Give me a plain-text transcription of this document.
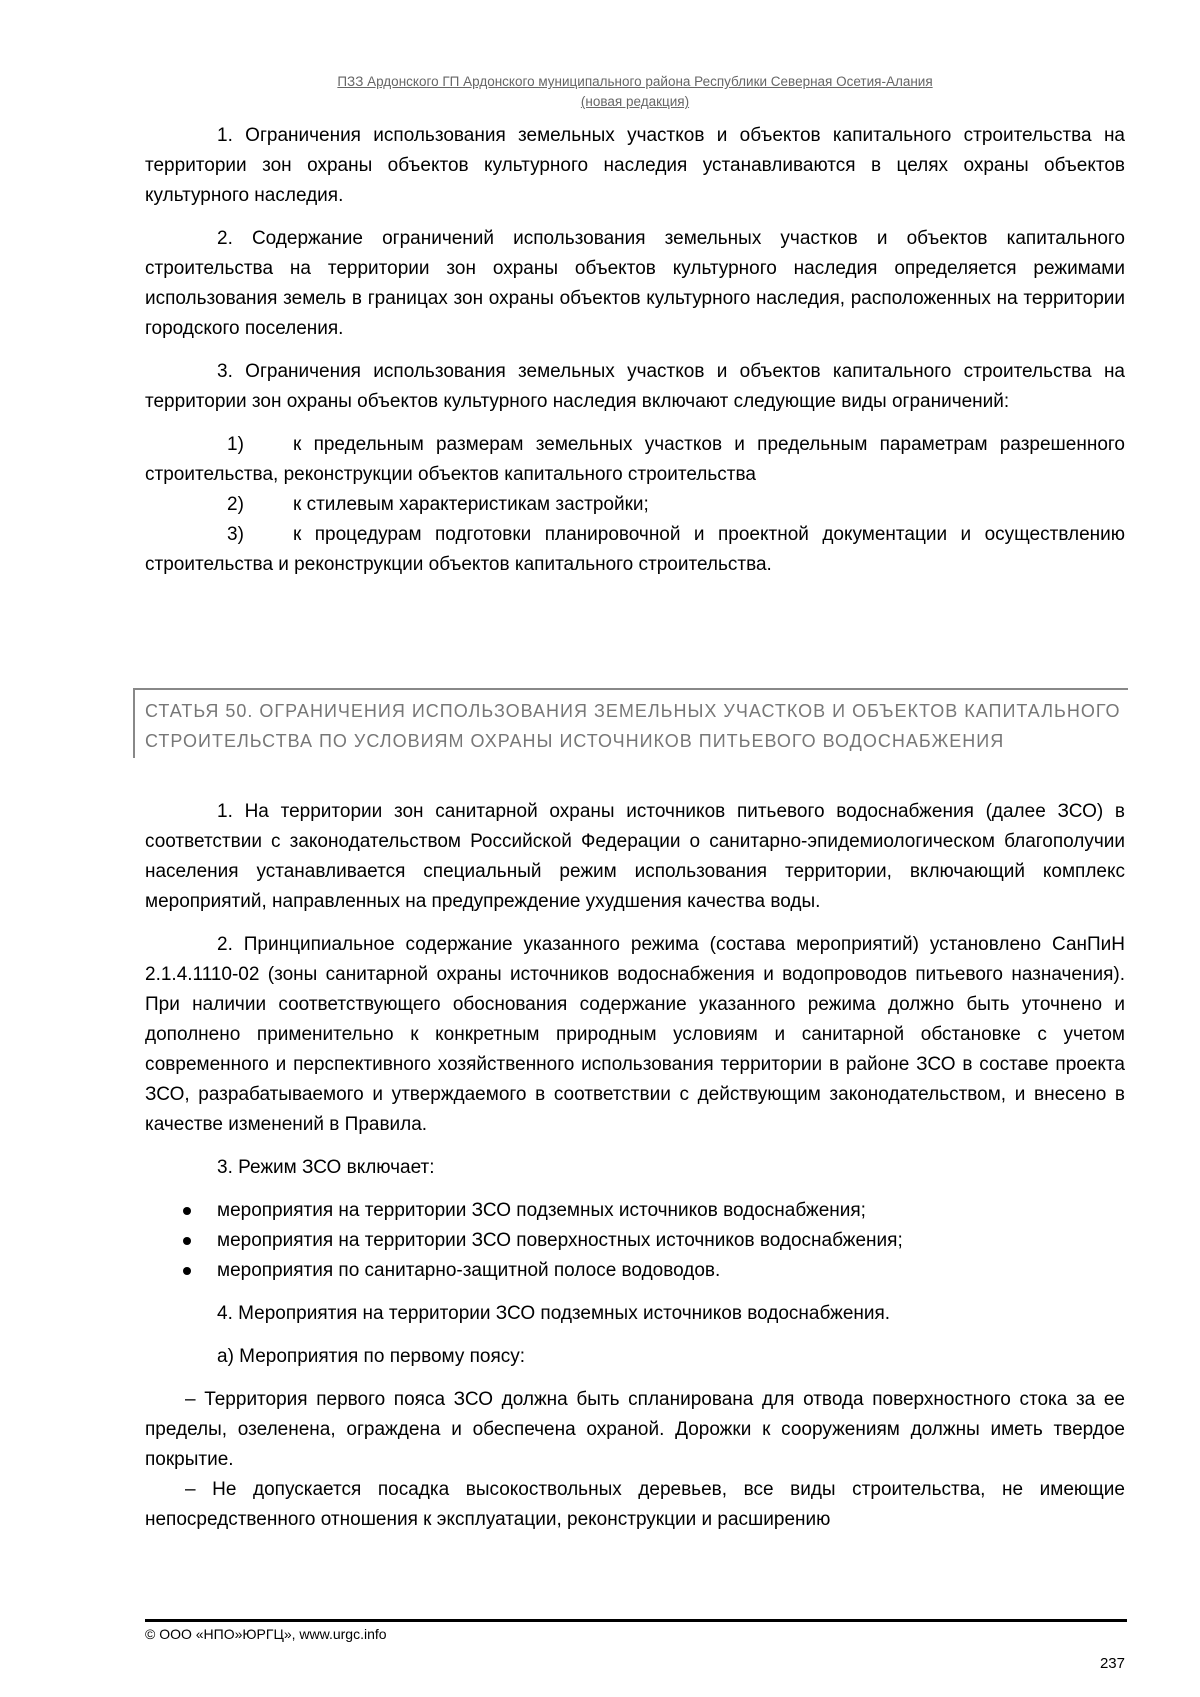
ПЗЗ Ардонского ГП Ардонского муниципального района Республики Северная Осетия-Алания
(новая редакция)

1. Ограничения использования земельных участков и объектов капитального строительства на территории зон охраны объектов культурного наследия устанавливаются в целях охраны объектов культурного наследия.

2. Содержание ограничений использования земельных участков и объектов капитального строительства на территории зон охраны объектов культурного наследия определяется режимами использования земель в границах зон охраны объектов культурного наследия, расположенных на территории городского поселения.

3. Ограничения использования земельных участков и объектов капитального строительства на территории зон охраны объектов культурного наследия включают следующие виды ограничений:

1)	к предельным размерам земельных участков и предельным параметрам разрешенного строительства, реконструкции объектов капитального строительства

2)	к стилевым характеристикам застройки;

3)	к процедурам подготовки планировочной и проектной документации и осуществлению строительства и реконструкции объектов капитального строительства.

СТАТЬЯ 50. ОГРАНИЧЕНИЯ ИСПОЛЬЗОВАНИЯ ЗЕМЕЛЬНЫХ УЧАСТКОВ И ОБЪЕКТОВ КАПИТАЛЬНОГО СТРОИТЕЛЬСТВА ПО УСЛОВИЯМ ОХРАНЫ ИСТОЧНИКОВ ПИТЬЕВОГО ВОДОСНАБЖЕНИЯ

1. На территории зон санитарной охраны источников питьевого водоснабжения (далее ЗСО) в соответствии с законодательством Российской Федерации о санитарно-эпидемиологическом благополучии населения устанавливается специальный режим использования территории, включающий комплекс мероприятий, направленных на предупреждение ухудшения качества воды.

2. Принципиальное содержание указанного режима (состава мероприятий) установлено СанПиН 2.1.4.1110-02 (зоны санитарной охраны источников водоснабжения и водопроводов питьевого назначения). При наличии соответствующего обоснования содержание указанного режима должно быть уточнено и дополнено применительно к конкретным природным условиям и санитарной обстановке с учетом современного и перспективного хозяйственного использования территории в районе ЗСО в составе проекта ЗСО, разрабатываемого и утверждаемого в соответствии с действующим законодательством, и внесено в качестве изменений в Правила.

3. Режим ЗСО включает:

мероприятия на территории ЗСО подземных источников водоснабжения;
мероприятия на территории ЗСО поверхностных источников водоснабжения;
мероприятия по санитарно-защитной полосе водоводов.

4. Мероприятия на территории ЗСО подземных источников водоснабжения.

а) Мероприятия по первому поясу:

– Территория первого пояса ЗСО должна быть спланирована для отвода поверхностного стока за ее пределы, озеленена, ограждена и обеспечена охраной. Дорожки к сооружениям должны иметь твердое покрытие.

– Не допускается посадка высокоствольных деревьев, все виды строительства, не имеющие непосредственного отношения к эксплуатации, реконструкции и расширению

© ООО «НПО»ЮРГЦ», www.urgc.info
237
